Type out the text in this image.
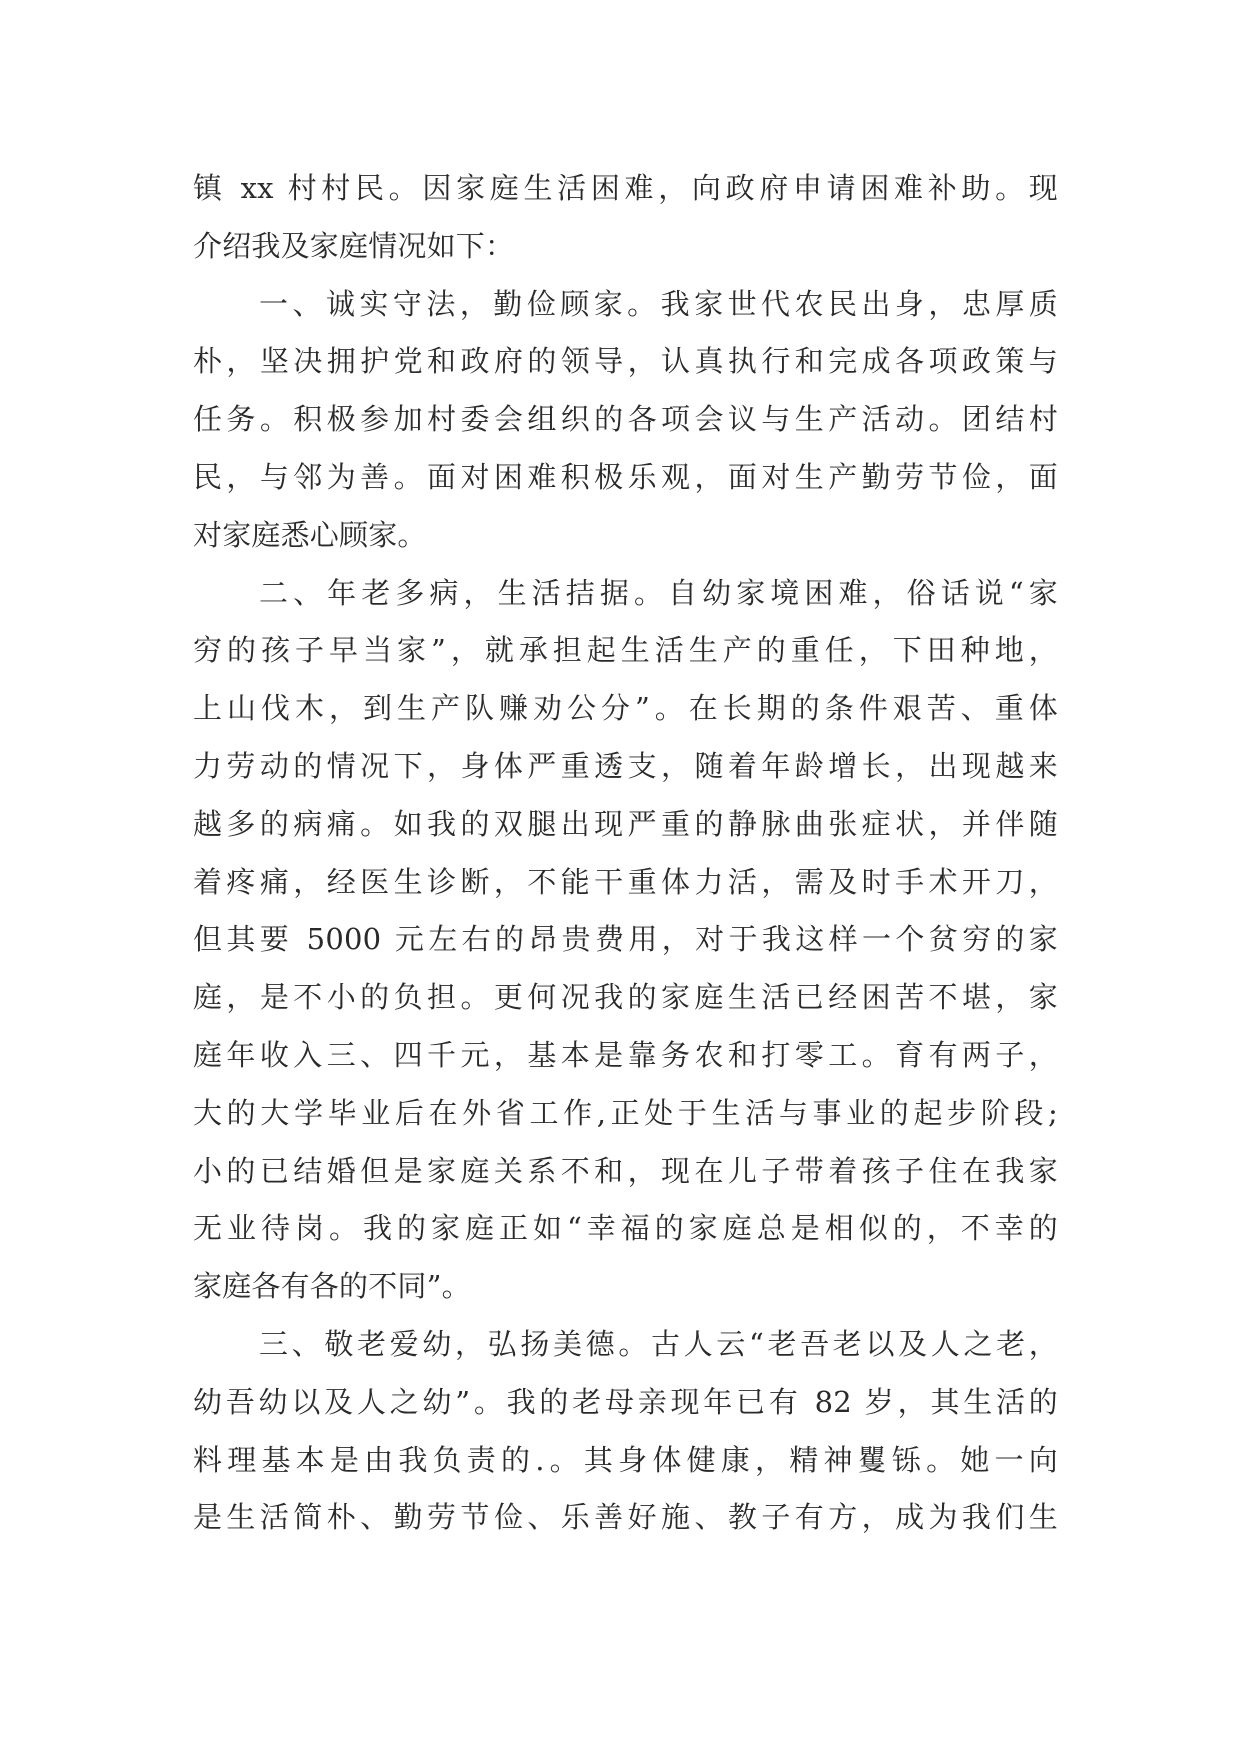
镇 xx 村村民。因家庭生活困难，向政府申请困难补助。现
介绍我及家庭情况如下：
一、诚实守法，勤俭顾家。我家世代农民出身，忠厚质
朴，坚决拥护党和政府的领导，认真执行和完成各项政策与
任务。积极参加村委会组织的各项会议与生产活动。团结村
民，与邻为善。面对困难积极乐观，面对生产勤劳节俭，面
对家庭悉心顾家。
二、年老多病，生活拮据。自幼家境困难，俗话说“家
穷的孩子早当家”，就承担起生活生产的重任，下田种地，
上山伐木，到生产队赚劝公分”。在长期的条件艰苦、重体
力劳动的情况下，身体严重透支，随着年龄增长，出现越来
越多的病痛。如我的双腿出现严重的静脉曲张症状，并伴随
着疼痛，经医生诊断，不能干重体力活，需及时手术开刀，
但其要 5000 元左右的昂贵费用，对于我这样一个贫穷的家
庭，是不小的负担。更何况我的家庭生活已经困苦不堪，家
庭年收入三、四千元，基本是靠务农和打零工。育有两子，
大的大学毕业后在外省工作,正处于生活与事业的起步阶段;
小的已结婚但是家庭关系不和，现在儿子带着孩子住在我家
无业待岗。我的家庭正如“幸福的家庭总是相似的，不幸的
家庭各有各的不同”。
三、敬老爱幼，弘扬美德。古人云“老吾老以及人之老，
幼吾幼以及人之幼”。我的老母亲现年已有 82 岁，其生活的
料理基本是由我负责的.。其身体健康，精神矍铄。她一向
是生活简朴、勤劳节俭、乐善好施、教子有方，成为我们生
